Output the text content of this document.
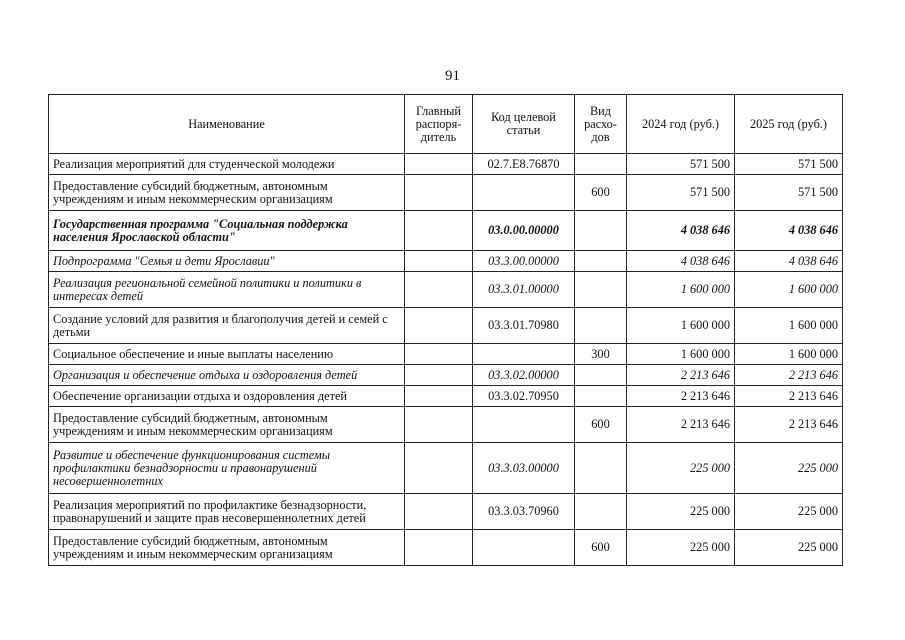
91
Наименование	Главный распоря-дитель	Код целевой статьи	Вид расхо-дов	2024 год (руб.)	2025 год (руб.)
Реализация мероприятий для студенческой молодежи		02.7.E8.76870		571 500	571 500
Предоставление субсидий бюджетным, автономным учреждениям и иным некоммерческим организациям			600	571 500	571 500
Государственная программа "Социальная поддержка населения Ярославской области"		03.0.00.00000		4 038 646	4 038 646
Подпрограмма "Семья и дети Ярославии"		03.3.00.00000		4 038 646	4 038 646
Реализация региональной семейной политики и политики в интересах детей		03.3.01.00000		1 600 000	1 600 000
Создание условий для развития и благополучия детей и семей с детьми		03.3.01.70980		1 600 000	1 600 000
Социальное обеспечение и иные выплаты населению			300	1 600 000	1 600 000
Организация и обеспечение отдыха и оздоровления детей		03.3.02.00000		2 213 646	2 213 646
Обеспечение организации отдыха и оздоровления детей		03.3.02.70950		2 213 646	2 213 646
Предоставление субсидий бюджетным, автономным учреждениям и иным некоммерческим организациям			600	2 213 646	2 213 646
Развитие и обеспечение функционирования системы профилактики безнадзорности и правонарушений несовершеннолетних		03.3.03.00000		225 000	225 000
Реализация мероприятий по профилактике безнадзорности, правонарушений и защите прав несовершеннолетних детей		03.3.03.70960		225 000	225 000
Предоставление субсидий бюджетным, автономным учреждениям и иным некоммерческим организациям			600	225 000	225 000
